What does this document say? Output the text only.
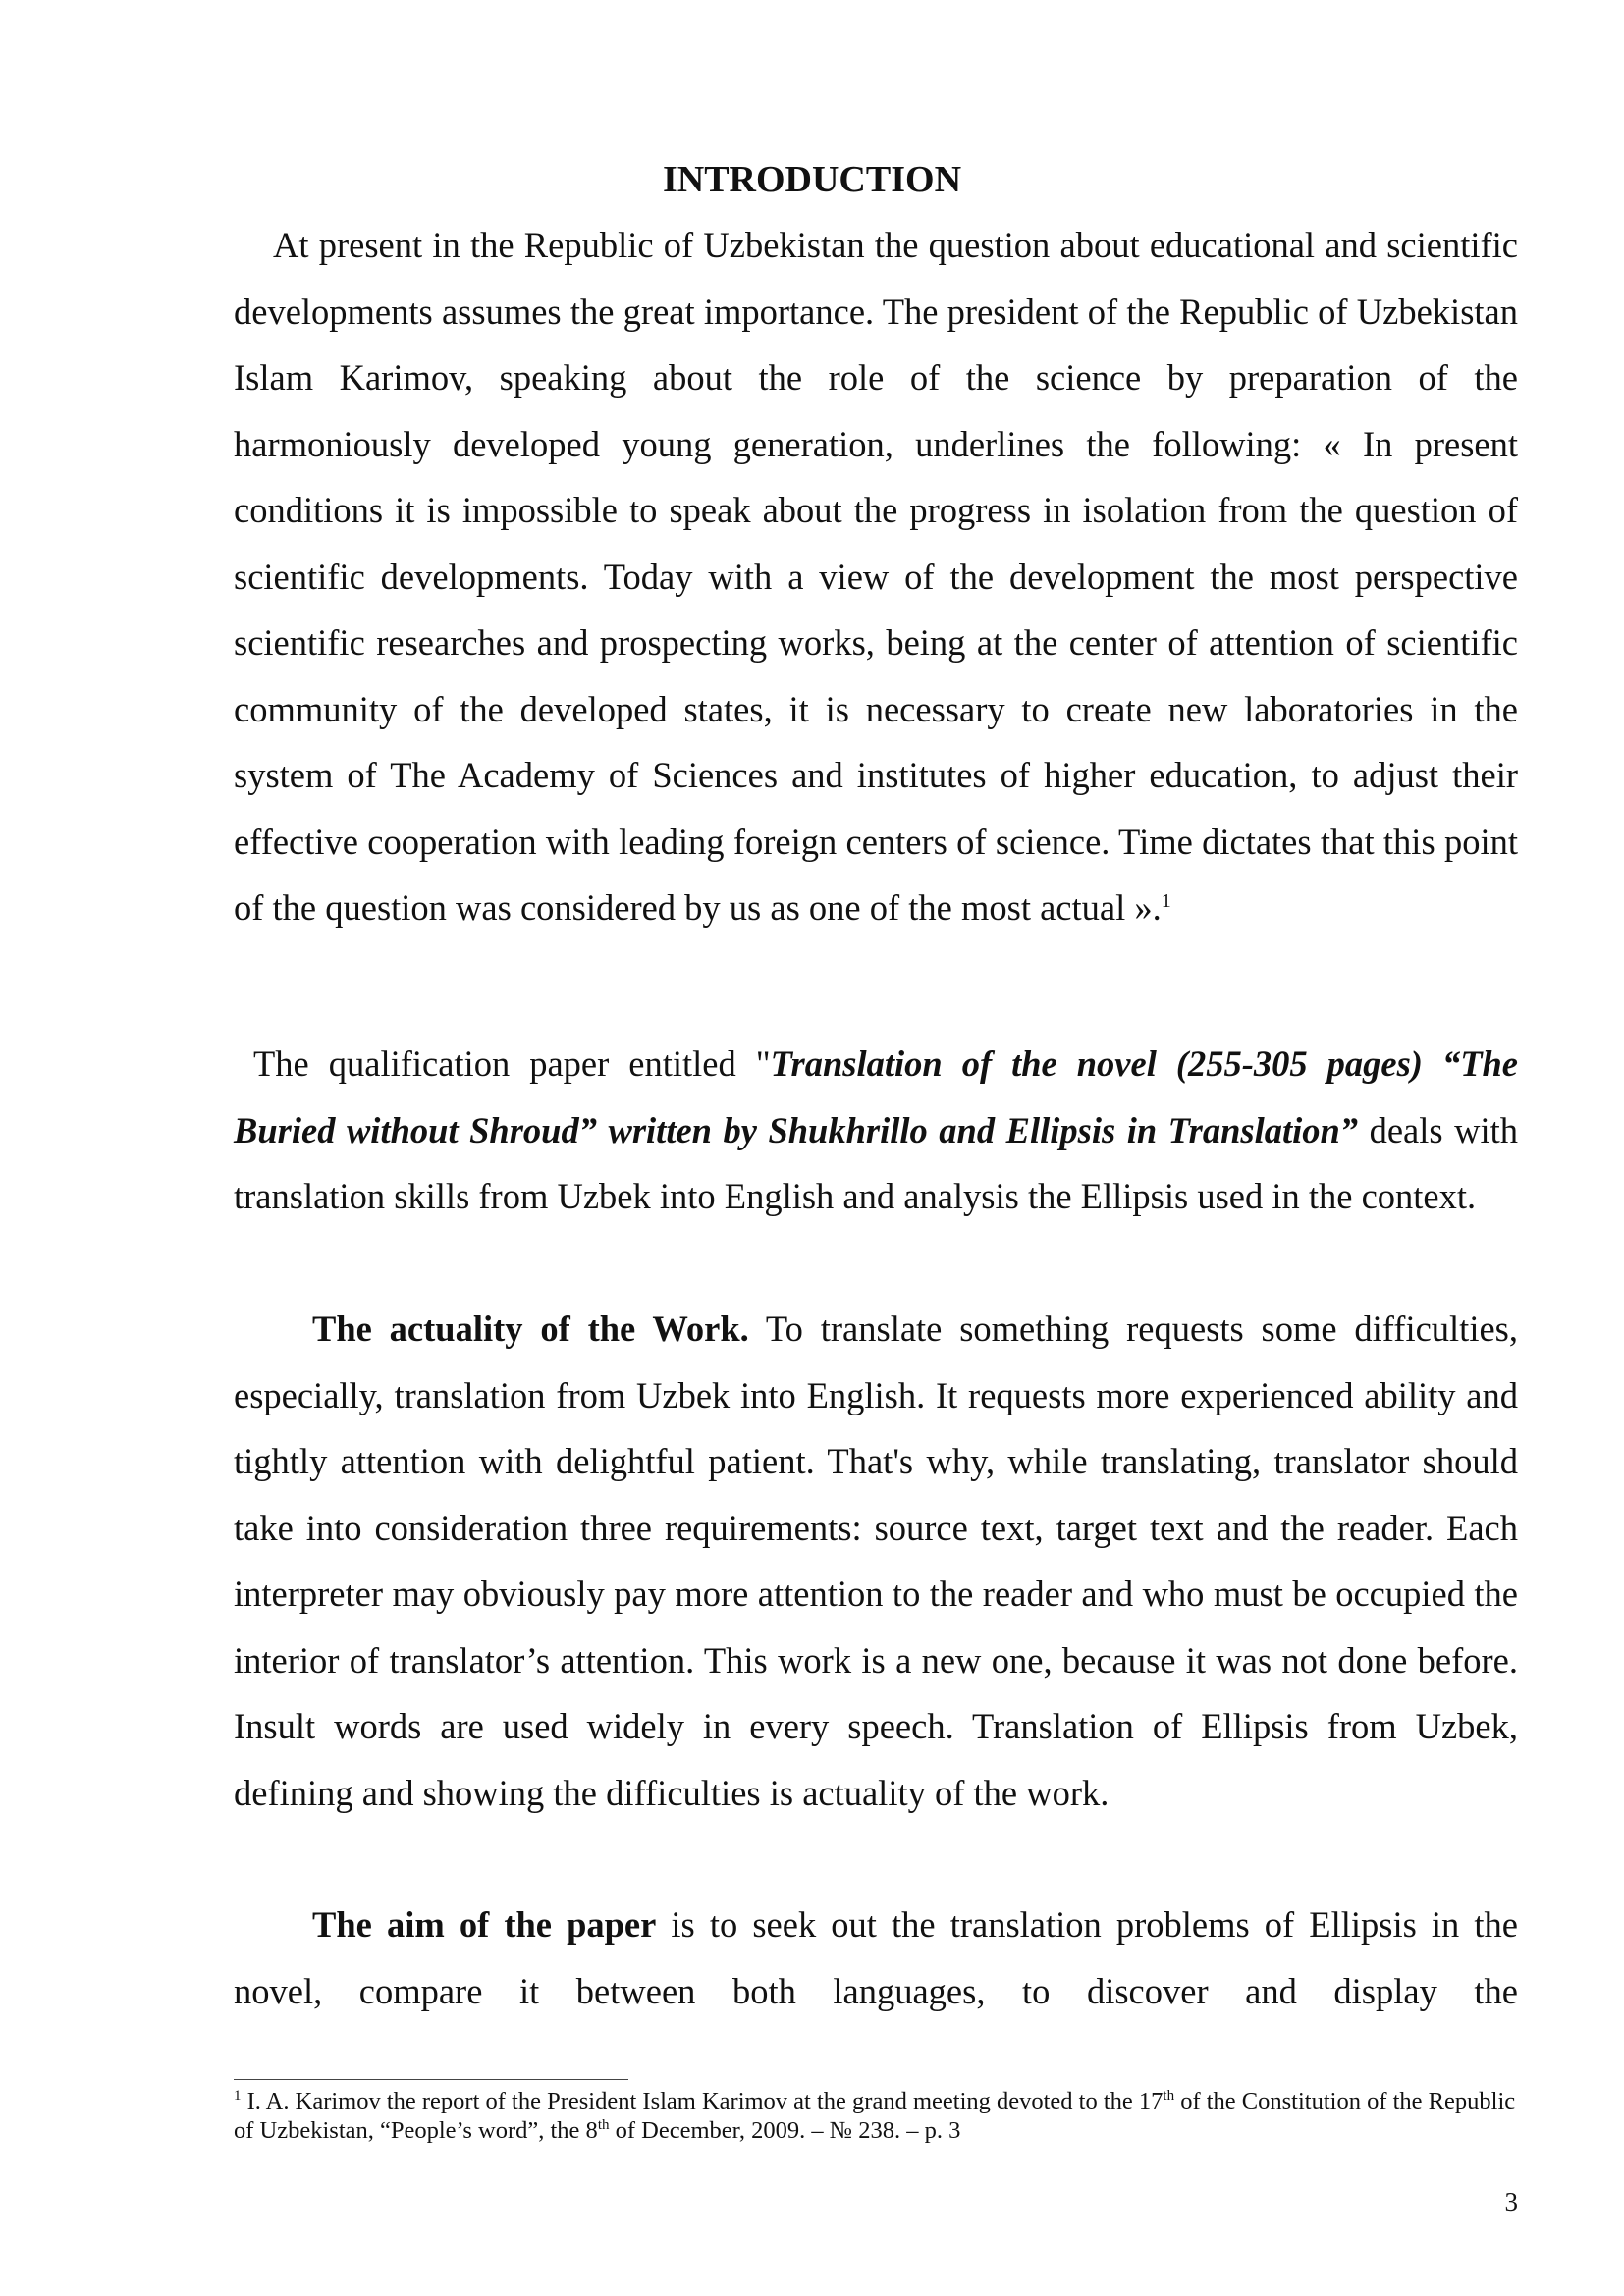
INTRODUCTION

At present in the Republic of Uzbekistan the question about educational and scientific developments assumes the great importance. The president of the Republic of Uzbekistan Islam Karimov, speaking about the role of the science by preparation of the harmoniously developed young generation, underlines the following: « In present conditions it is impossible to speak about the progress in isolation from the question of scientific developments. Today with a view of the development the most perspective scientific researches and prospecting works, being at the center of attention of scientific community of the developed states, it is necessary to create new laboratories in the system of The Academy of Sciences and institutes of higher education, to adjust their effective cooperation with leading foreign centers of science. Time dictates that this point of the question was considered by us as one of the most actual ».$^1$

The qualification paper entitled "Translation of the novel (255-305 pages) “The Buried without Shroud” written by Shukhrillo and Ellipsis in Translation” deals with translation skills from Uzbek into English and analysis the Ellipsis used in the context.

The actuality of the Work. To translate something requests some difficulties, especially, translation from Uzbek into English. It requests more experienced ability and tightly attention with delightful patient. That's why, while translating, translator should take into consideration three requirements: source text, target text and the reader. Each interpreter may obviously pay more attention to the reader and who must be occupied the interior of translator’s attention. This work is a new one, because it was not done before. Insult words are used widely in every speech. Translation of Ellipsis from Uzbek, defining and showing the difficulties is actuality of the work.

The aim of the paper is to seek out the translation problems of Ellipsis in the novel, compare it between both languages, to discover and display the

$^1$ I. A. Karimov the report of the President Islam Karimov at the grand meeting devoted to the 17th of the Constitution of the Republic of Uzbekistan, “People’s word”, the 8th of December, 2009. – № 238. – p. 3

3
